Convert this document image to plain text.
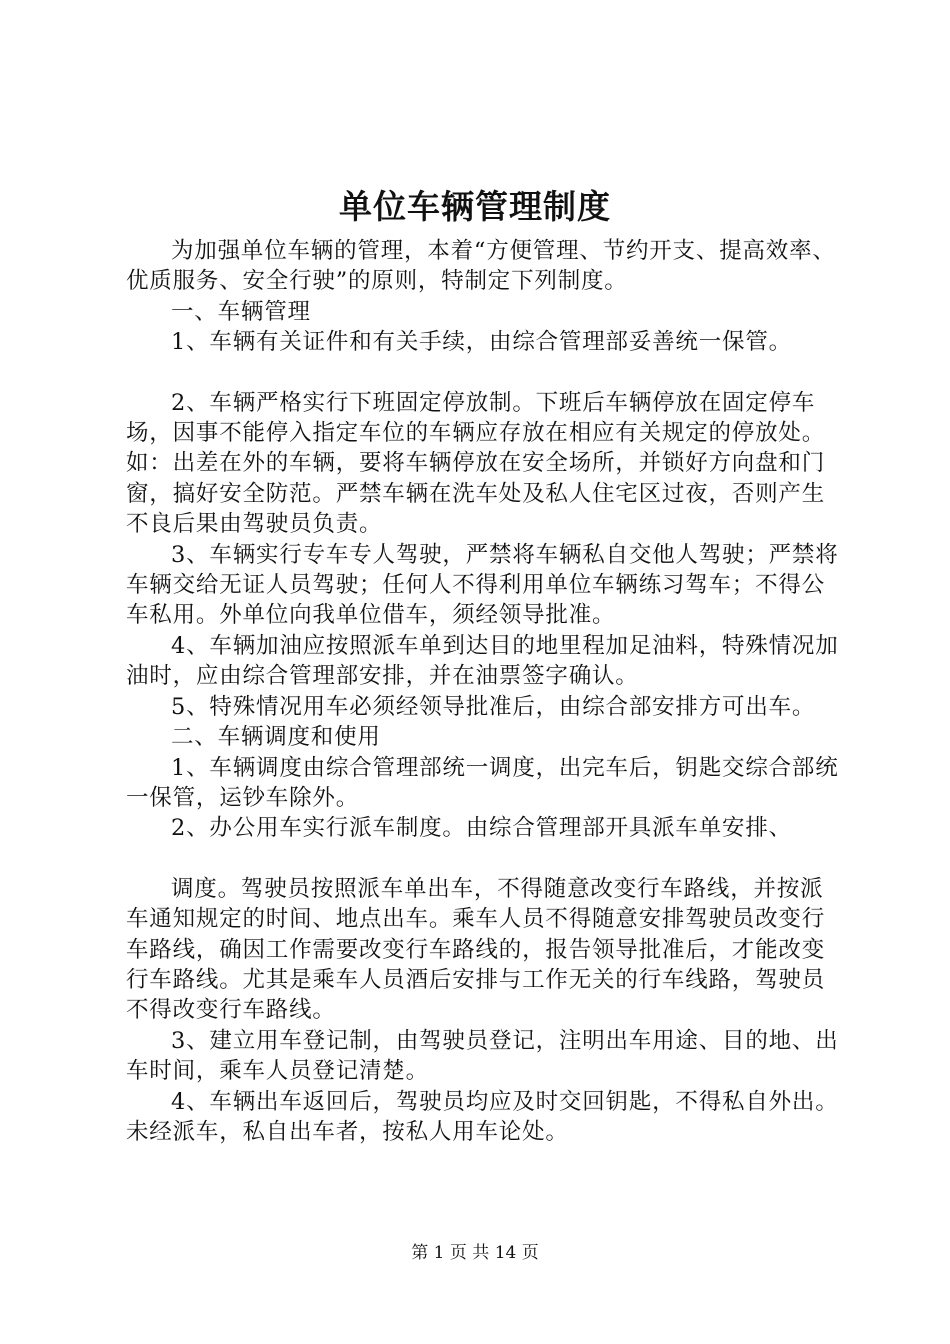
单位车辆管理制度

为加强单位车辆的管理，本着“方便管理、节约开支、提高效率、优质服务、安全行驶”的原则，特制定下列制度。

一、车辆管理

1、车辆有关证件和有关手续，由综合管理部妥善统一保管。

2、车辆严格实行下班固定停放制。下班后车辆停放在固定停车场，因事不能停入指定车位的车辆应存放在相应有关规定的停放处。如：出差在外的车辆，要将车辆停放在安全场所，并锁好方向盘和门窗，搞好安全防范。严禁车辆在洗车处及私人住宅区过夜，否则产生不良后果由驾驶员负责。

3、车辆实行专车专人驾驶，严禁将车辆私自交他人驾驶；严禁将车辆交给无证人员驾驶；任何人不得利用单位车辆练习驾车；不得公车私用。外单位向我单位借车，须经领导批准。

4、车辆加油应按照派车单到达目的地里程加足油料，特殊情况加油时，应由综合管理部安排，并在油票签字确认。

5、特殊情况用车必须经领导批准后，由综合部安排方可出车。

二、车辆调度和使用

1、车辆调度由综合管理部统一调度，出完车后，钥匙交综合部统一保管，运钞车除外。

2、办公用车实行派车制度。由综合管理部开具派车单安排、

调度。驾驶员按照派车单出车，不得随意改变行车路线，并按派车通知规定的时间、地点出车。乘车人员不得随意安排驾驶员改变行车路线，确因工作需要改变行车路线的，报告领导批准后，才能改变行车路线。尤其是乘车人员酒后安排与工作无关的行车线路，驾驶员不得改变行车路线。

3、建立用车登记制，由驾驶员登记，注明出车用途、目的地、出车时间，乘车人员登记清楚。

4、车辆出车返回后，驾驶员均应及时交回钥匙，不得私自外出。未经派车，私自出车者，按私人用车论处。

第 1 页 共 14 页
